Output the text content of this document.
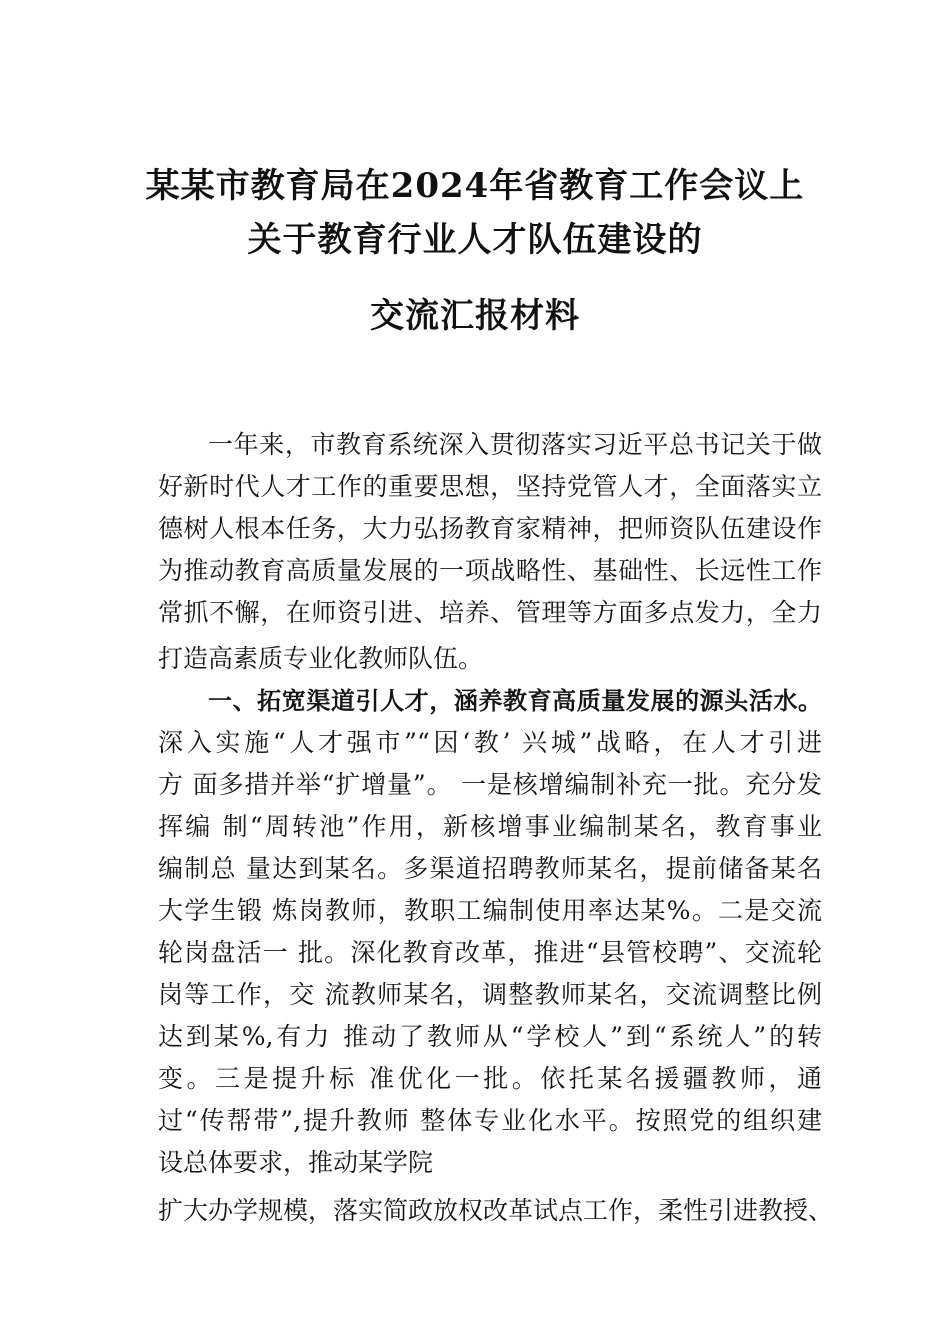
某某市教育局在2024年省教育工作会议上
关于教育行业人才队伍建设的
交流汇报材料
一年来，市教育系统深入贯彻落实习近平总书记关于做
好新时代人才工作的重要思想，坚持党管人才，全面落实立
德树人根本任务，大力弘扬教育家精神，把师资队伍建设作
为推动教育高质量发展的一项战略性、基础性、长远性工作
常抓不懈，在师资引进、培养、管理等方面多点发力，全力
打造高素质专业化教师队伍。
一、拓宽渠道引人才，涵养教育高质量发展的源头活水。
深入实施“人才强市”“因‘教’ 兴城”战略，在人才引进
方 面多措并举“扩增量”。 一是核增编制补充一批。充分发
挥编 制“周转池”作用，新核增事业编制某名，教育事业
编制总 量达到某名。多渠道招聘教师某名，提前储备某名
大学生锻 炼岗教师，教职工编制使用率达某%。二是交流
轮岗盘活一 批。深化教育改革，推进“县管校聘”、交流轮
岗等工作，交 流教师某名，调整教师某名，交流调整比例
达到某%,有力 推动了教师从“学校人”到“系统人”的转
变。三是提升标 准优化一批。依托某名援疆教师，通
过“传帮带”,提升教师 整体专业化水平。按照党的组织建
设总体要求，推动某学院
扩大办学规模，落实简政放权改革试点工作，柔性引进教授、
